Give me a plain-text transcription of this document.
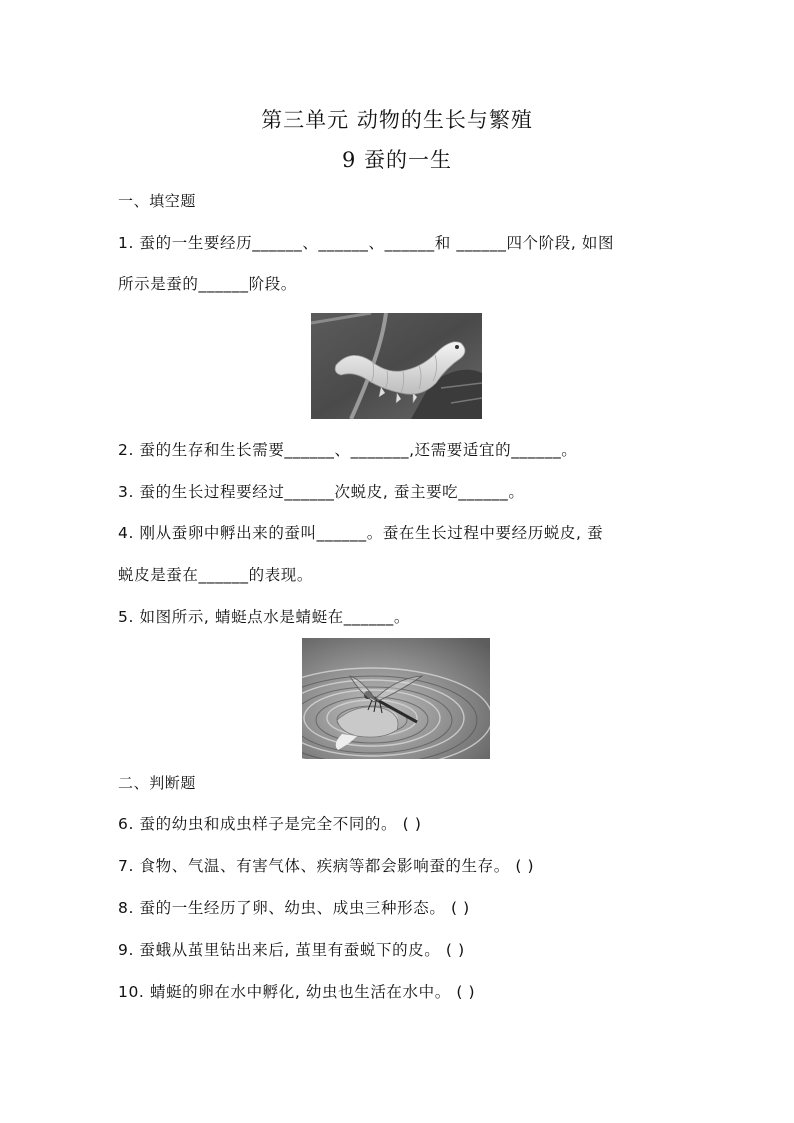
第三单元 动物的生长与繁殖
9 蚕的一生
一、填空题
1. 蚕的一生要经历______、______、______和 ______四个阶段, 如图
所示是蚕的______阶段。
2. 蚕的生存和生长需要______、_______,还需要适宜的______。
3. 蚕的生长过程要经过______次蜕皮, 蚕主要吃______。
4. 刚从蚕卵中孵出来的蚕叫______。蚕在生长过程中要经历蜕皮, 蚕
蜕皮是蚕在______的表现。
5. 如图所示, 蜻蜓点水是蜻蜓在______。
二、判断题
6. 蚕的幼虫和成虫样子是完全不同的。 ( )
7. 食物、气温、有害气体、疾病等都会影响蚕的生存。 ( )
8. 蚕的一生经历了卵、幼虫、成虫三种形态。 ( )
9. 蚕蛾从茧里钻出来后, 茧里有蚕蜕下的皮。 ( )
10. 蜻蜓的卵在水中孵化, 幼虫也生活在水中。 ( )
